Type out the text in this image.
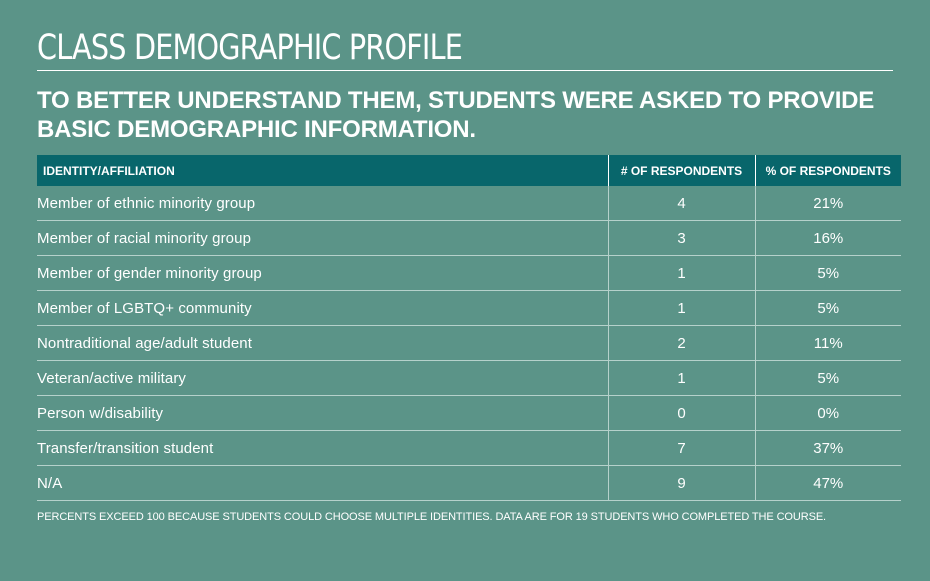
CLASS DEMOGRAPHIC PROFILE
TO BETTER UNDERSTAND THEM, STUDENTS WERE ASKED TO PROVIDE BASIC DEMOGRAPHIC INFORMATION.
IDENTITY/AFFILIATION	# OF RESPONDENTS	% OF RESPONDENTS
Member of ethnic minority group	4	21%
Member of racial minority group	3	16%
Member of gender minority group	1	5%
Member of LGBTQ+ community	1	5%
Nontraditional age/adult student	2	11%
Veteran/active military	1	5%
Person w/disability	0	0%
Transfer/transition student	7	37%
N/A	9	47%
PERCENTS EXCEED 100 BECAUSE STUDENTS COULD CHOOSE MULTIPLE IDENTITIES. DATA ARE FOR 19 STUDENTS WHO COMPLETED THE COURSE.
